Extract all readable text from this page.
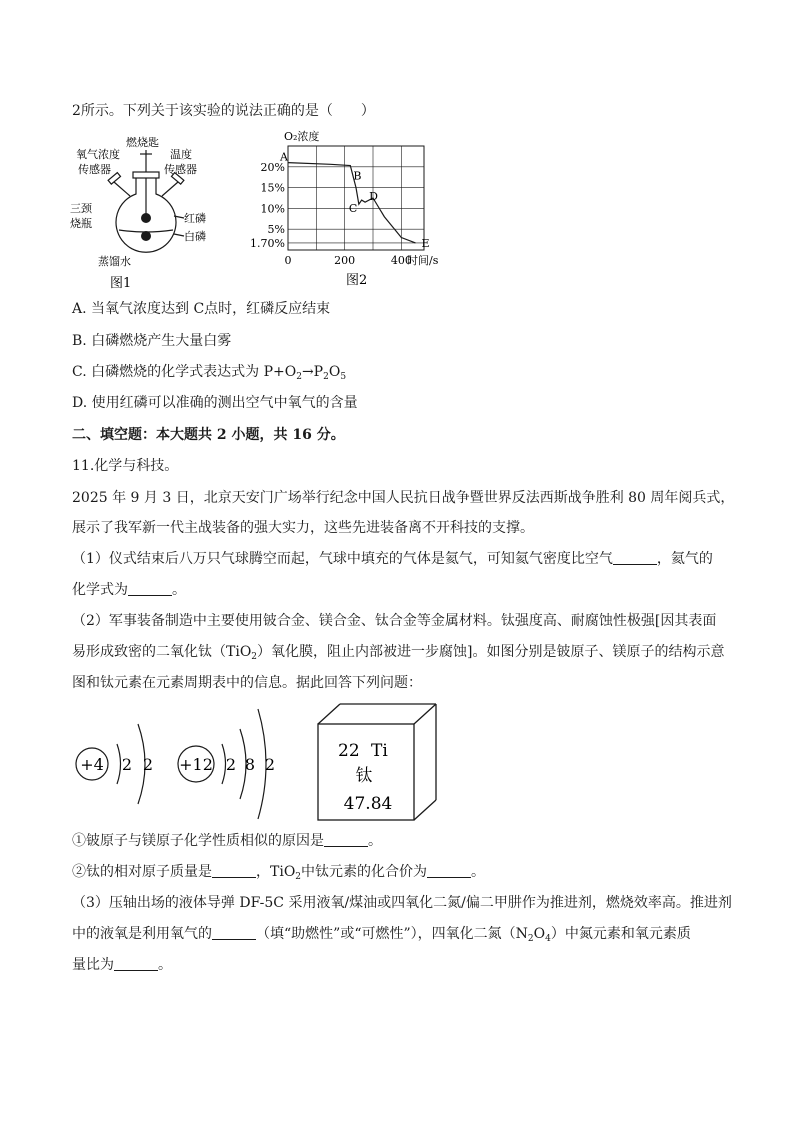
2所示。下列关于该实验的说法正确的是（　　）
燃烧匙
氧气浓度
传感器
温度
传感器
三颈
烧瓶	红磷
白磷
蒸馏水
图1
20%
15%
10%
5%
1.70%
0	200	400
O₂浓度
时间/s
A
B
C
D
E
图2
A. 当氧气浓度达到 C点时，红磷反应结束
B. 白磷燃烧产生大量白雾
C. 白磷燃烧的化学式表达式为 $P+O_2\to P_2O_5$
D. 使用红磷可以准确的测出空气中氧气的含量
二、填空题：本大题共 2 小题，共 16 分。
11.化学与科技。
2025 年 9 月 3 日，北京天安门广场举行纪念中国人民抗日战争暨世界反法西斯战争胜利 80 周年阅兵式，
展示了我军新一代主战装备的强大实力，这些先进装备离不开科技的支撑。
（1）仪式结束后八万只气球腾空而起，气球中填充的气体是氦气，可知氦气密度比空气	，氦气的
化学式为	。
（2）军事装备制造中主要使用铍合金、镁合金、钛合金等金属材料。钛强度高、耐腐蚀性极强[因其表面
易形成致密的二氧化钛（TiO$_2$）氧化膜，阻止内部被进一步腐蚀]。如图分别是铍原子、镁原子的结构示意
图和钛元素在元素周期表中的信息。据此回答下列问题：
+4 2 2 +12 2 8 2
22 Ti
钛
47.84
①铍原子与镁原子化学性质相似的原因是	。
②钛的相对原子质量是	，TiO$_2$中钛元素的化合价为	。
（3）压轴出场的液体导弹 DF-5C 采用液氧/煤油或四氧化二氮/偏二甲肼作为推进剂，燃烧效率高。推进剂
中的液氧是利用氧气的	（填“助燃性”或“可燃性”），四氧化二氮$(N_2O_4)$中氮元素和氧元素质
量比为	。
